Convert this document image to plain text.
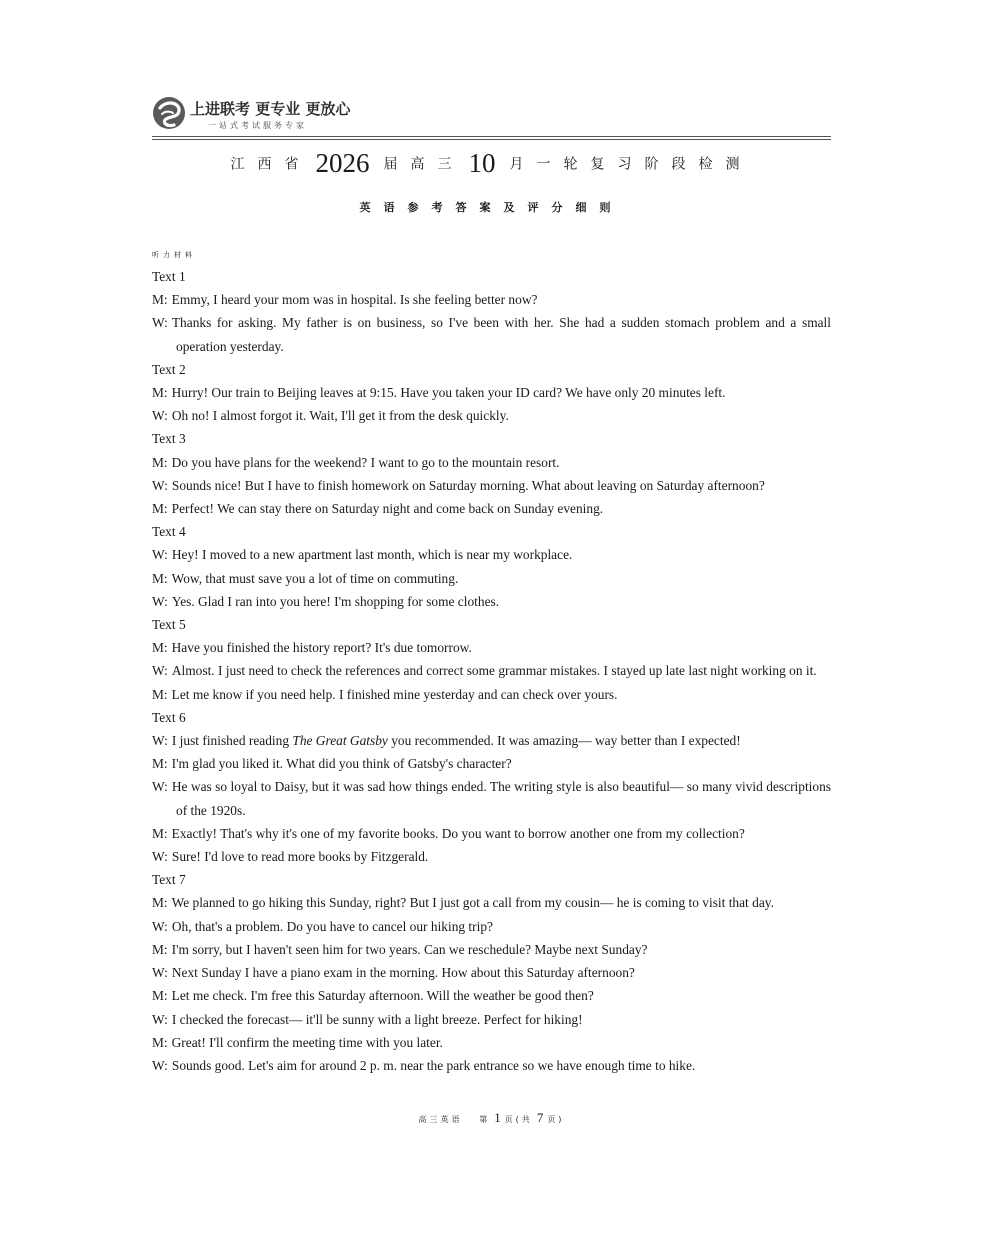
上进联考 更专业 更放心
一站式考试服务专家
江西省 2026 届高三 10 月一轮复习阶段检测
英语参考答案及评分细则
听力材料
Text 1
M: Emmy, I heard your mom was in hospital. Is she feeling better now?
W: Thanks for asking. My father is on business, so I've been with her. She had a sudden stomach problem and a small operation yesterday.
Text 2
M: Hurry! Our train to Beijing leaves at 9:15. Have you taken your ID card? We have only 20 minutes left.
W: Oh no! I almost forgot it. Wait, I'll get it from the desk quickly.
Text 3
M: Do you have plans for the weekend? I want to go to the mountain resort.
W: Sounds nice! But I have to finish homework on Saturday morning. What about leaving on Saturday afternoon?
M: Perfect! We can stay there on Saturday night and come back on Sunday evening.
Text 4
W: Hey! I moved to a new apartment last month, which is near my workplace.
M: Wow, that must save you a lot of time on commuting.
W: Yes. Glad I ran into you here! I'm shopping for some clothes.
Text 5
M: Have you finished the history report? It's due tomorrow.
W: Almost. I just need to check the references and correct some grammar mistakes. I stayed up late last night working on it.
M: Let me know if you need help. I finished mine yesterday and can check over yours.
Text 6
W: I just finished reading The Great Gatsby you recommended. It was amazing— way better than I expected!
M: I'm glad you liked it. What did you think of Gatsby's character?
W: He was so loyal to Daisy, but it was sad how things ended. The writing style is also beautiful— so many vivid descriptions of the 1920s.
M: Exactly! That's why it's one of my favorite books. Do you want to borrow another one from my collection?
W: Sure! I'd love to read more books by Fitzgerald.
Text 7
M: We planned to go hiking this Sunday, right? But I just got a call from my cousin— he is coming to visit that day.
W: Oh, that's a problem. Do you have to cancel our hiking trip?
M: I'm sorry, but I haven't seen him for two years. Can we reschedule? Maybe next Sunday?
W: Next Sunday I have a piano exam in the morning. How about this Saturday afternoon?
M: Let me check. I'm free this Saturday afternoon. Will the weather be good then?
W: I checked the forecast— it'll be sunny with a light breeze. Perfect for hiking!
M: Great! I'll confirm the meeting time with you later.
W: Sounds good. Let's aim for around 2 p. m. near the park entrance so we have enough time to hike.
高三英语 第 1 页(共 7 页)
